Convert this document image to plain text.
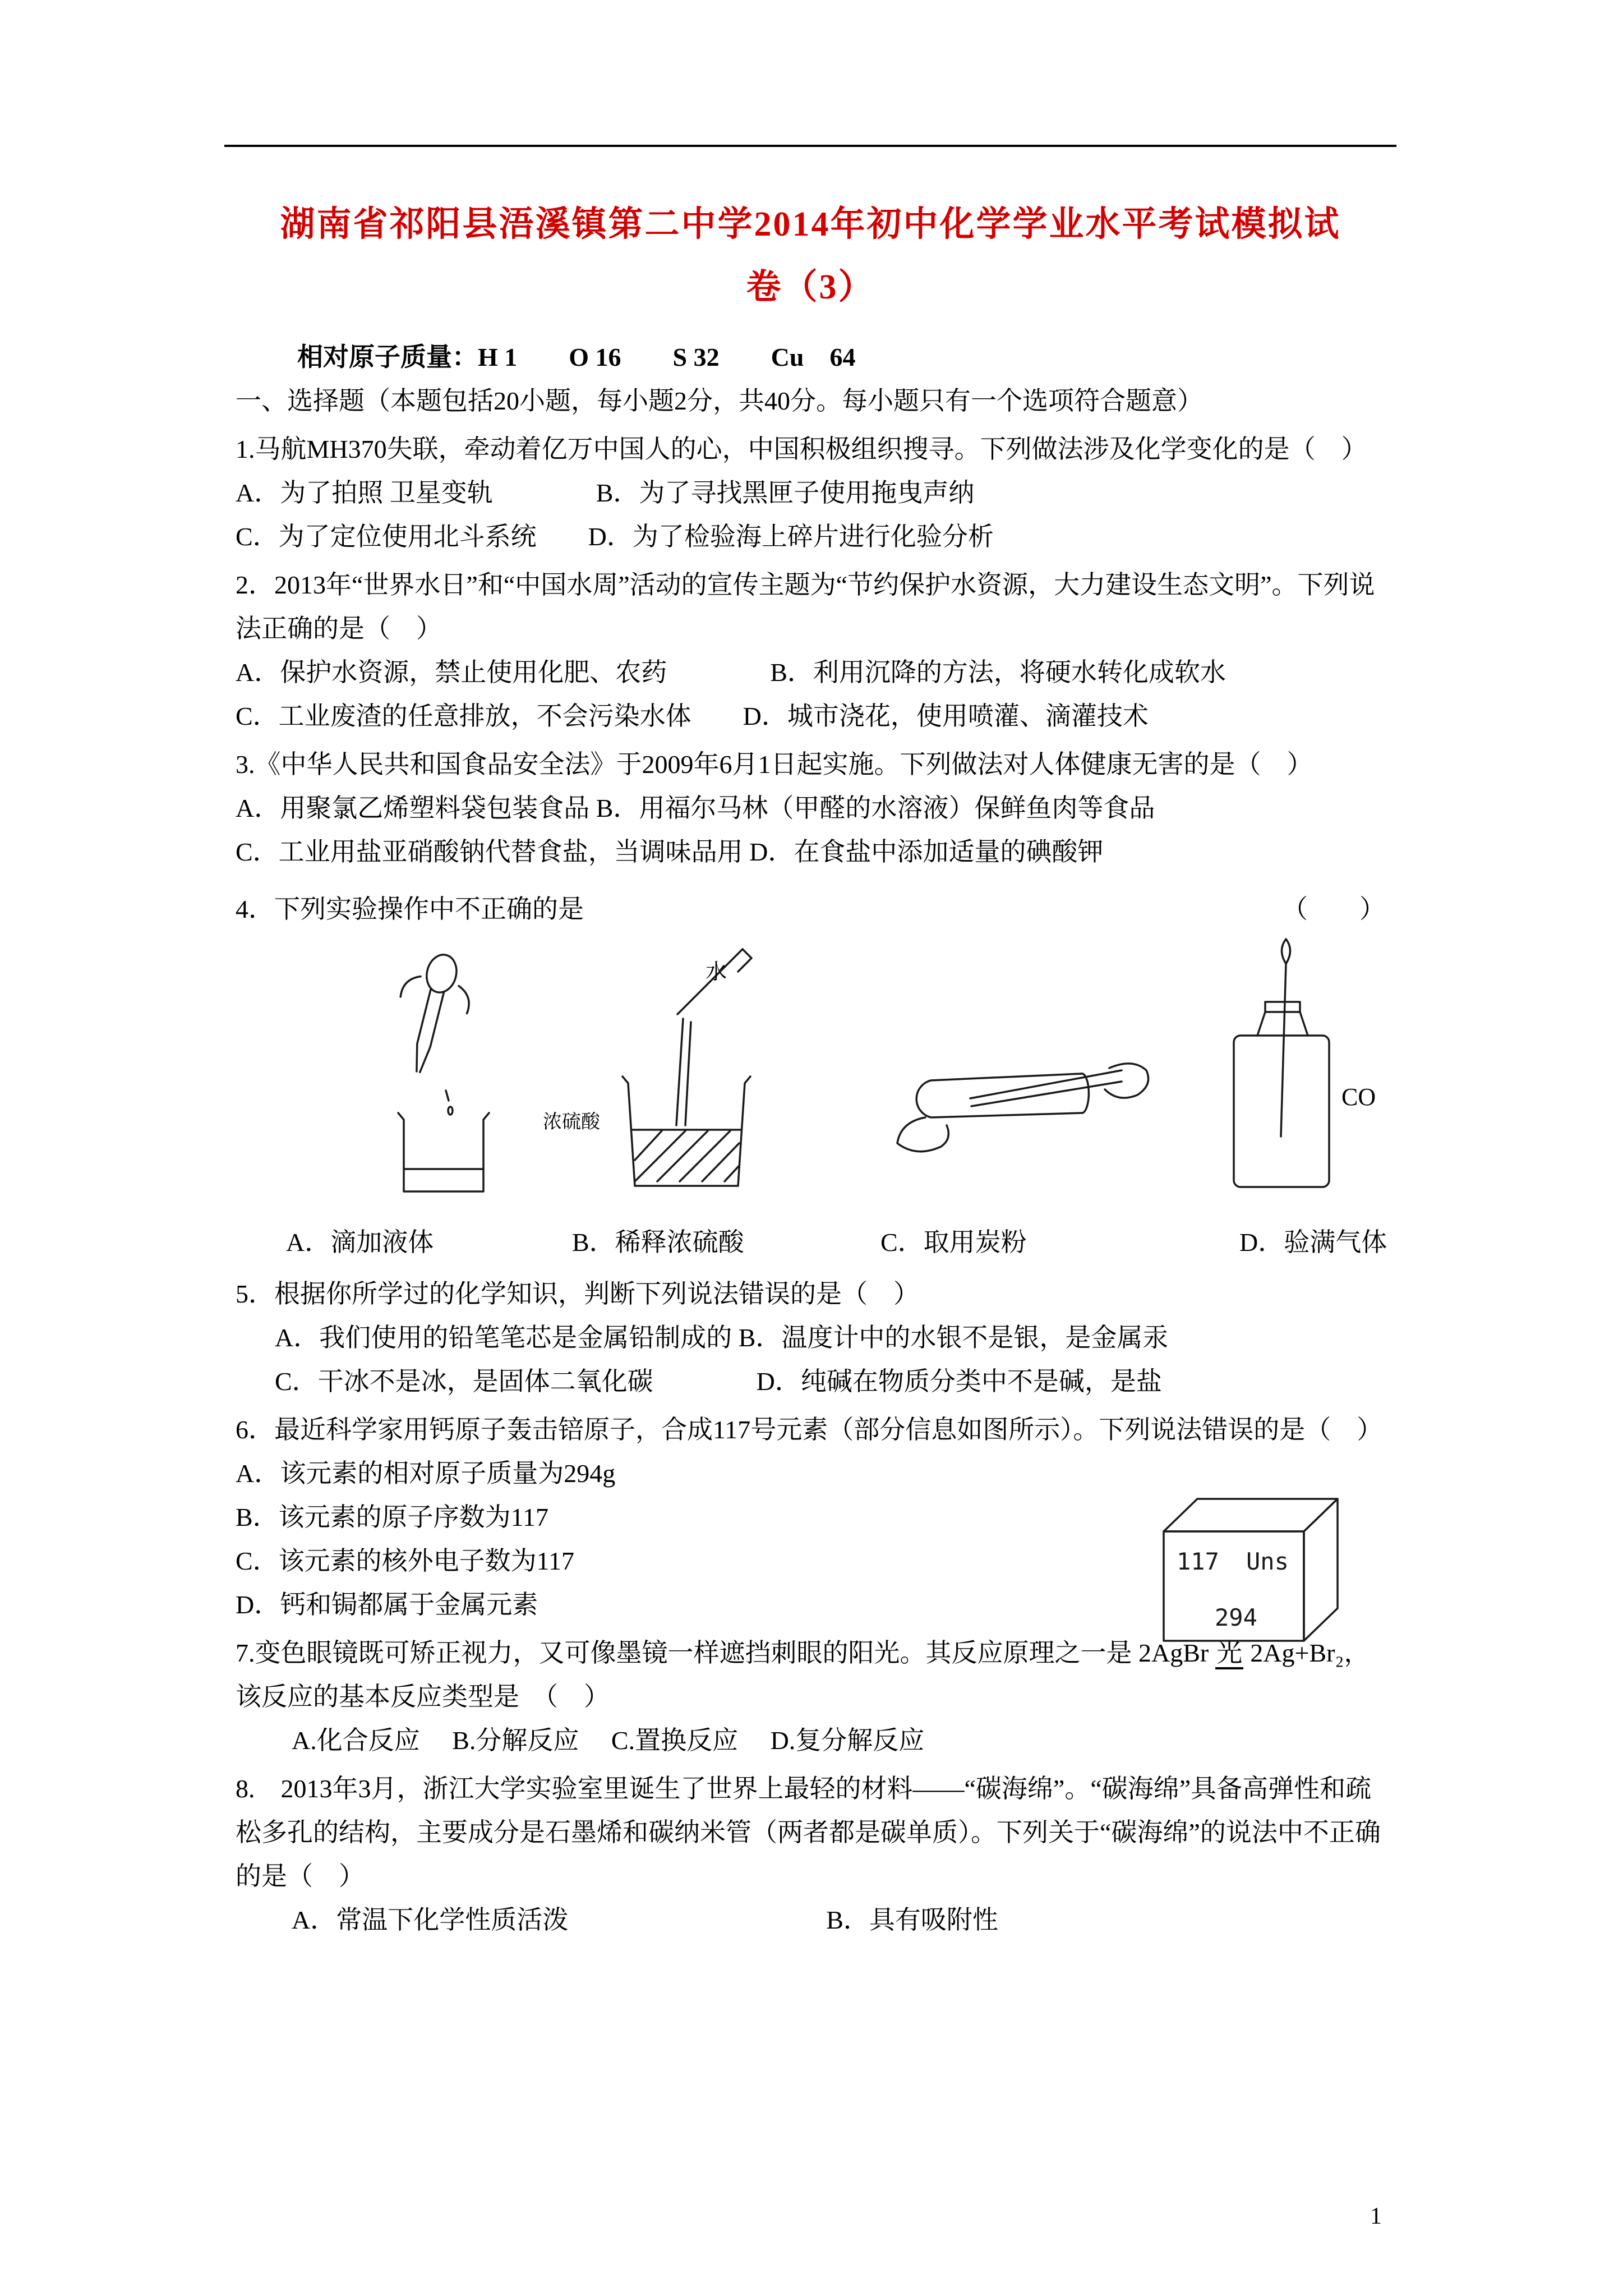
湖南省祁阳县浯溪镇第二中学2014年初中化学学业水平考试模拟试
卷（3）

相对原子质量：H 1　　O 16　　S 32　　Cu　64

一、选择题（本题包括20小题，每小题2分，共40分。每小题只有一个选项符合题意）

1.马航MH370失联，牵动着亿万中国人的心，中国积极组织搜寻。下列做法涉及化学变化的是（　）

A．为了拍照 卫星变轨　　　　B．为了寻找黑匣子使用拖曳声纳

C．为了定位使用北斗系统　　D．为了检验海上碎片进行化验分析

2．2013年“世界水日”和“中国水周”活动的宣传主题为“节约保护水资源，大力建设生态文明”。下列说法正确的是（　）

A．保护水资源，禁止使用化肥、农药　　　　B．利用沉降的方法，将硬水转化成软水

C．工业废渣的任意排放，不会污染水体　　D．城市浇花，使用喷灌、滴灌技术

3.《中华人民共和国食品安全法》于2009年6月1日起实施。下列做法对人体健康无害的是（　）

A．用聚氯乙烯塑料袋包装食品 B．用福尔马林（甲醛的水溶液）保鲜鱼肉等食品

C．工业用盐亚硝酸钠代替食盐，当调味品用 D．在食盐中添加适量的碘酸钾

4．下列实验操作中不正确的是	（　　）

水
浓硫酸
CO
A．滴加液体	B．稀释浓硫酸	C．取用炭粉	D．验满气体

5．根据你所学过的化学知识，判断下列说法错误的是（　）

A．我们使用的铅笔笔芯是金属铅制成的 B．温度计中的水银不是银，是金属汞

C．干冰不是冰，是固体二氧化碳　　　　D．纯碱在物质分类中不是碱，是盐

6．最近科学家用钙原子轰击锫原子，合成117号元素（部分信息如图所示）。下列说法错误的是（　）

A．该元素的相对原子质量为294g

B．该元素的原子序数为117

C．该元素的核外电子数为117

D．钙和锔都属于金属元素

117 Uns
294

7.变色眼镜既可矫正视力，又可像墨镜一样遮挡刺眼的阳光。其反应原理之一是 2AgBr 光 2Ag+Br₂，该反应的基本反应类型是　（　）

A.化合反应　 B.分解反应　 C.置换反应　 D.复分解反应

8.　2013年3月，浙江大学实验室里诞生了世界上最轻的材料——“碳海绵”。“碳海绵”具备高弹性和疏松多孔的结构，主要成分是石墨烯和碳纳米管（两者都是碳单质）。下列关于“碳海绵”的说法中不正确的是（　）

A．常温下化学性质活泼　　　　　　　　　　B．具有吸附性

1
